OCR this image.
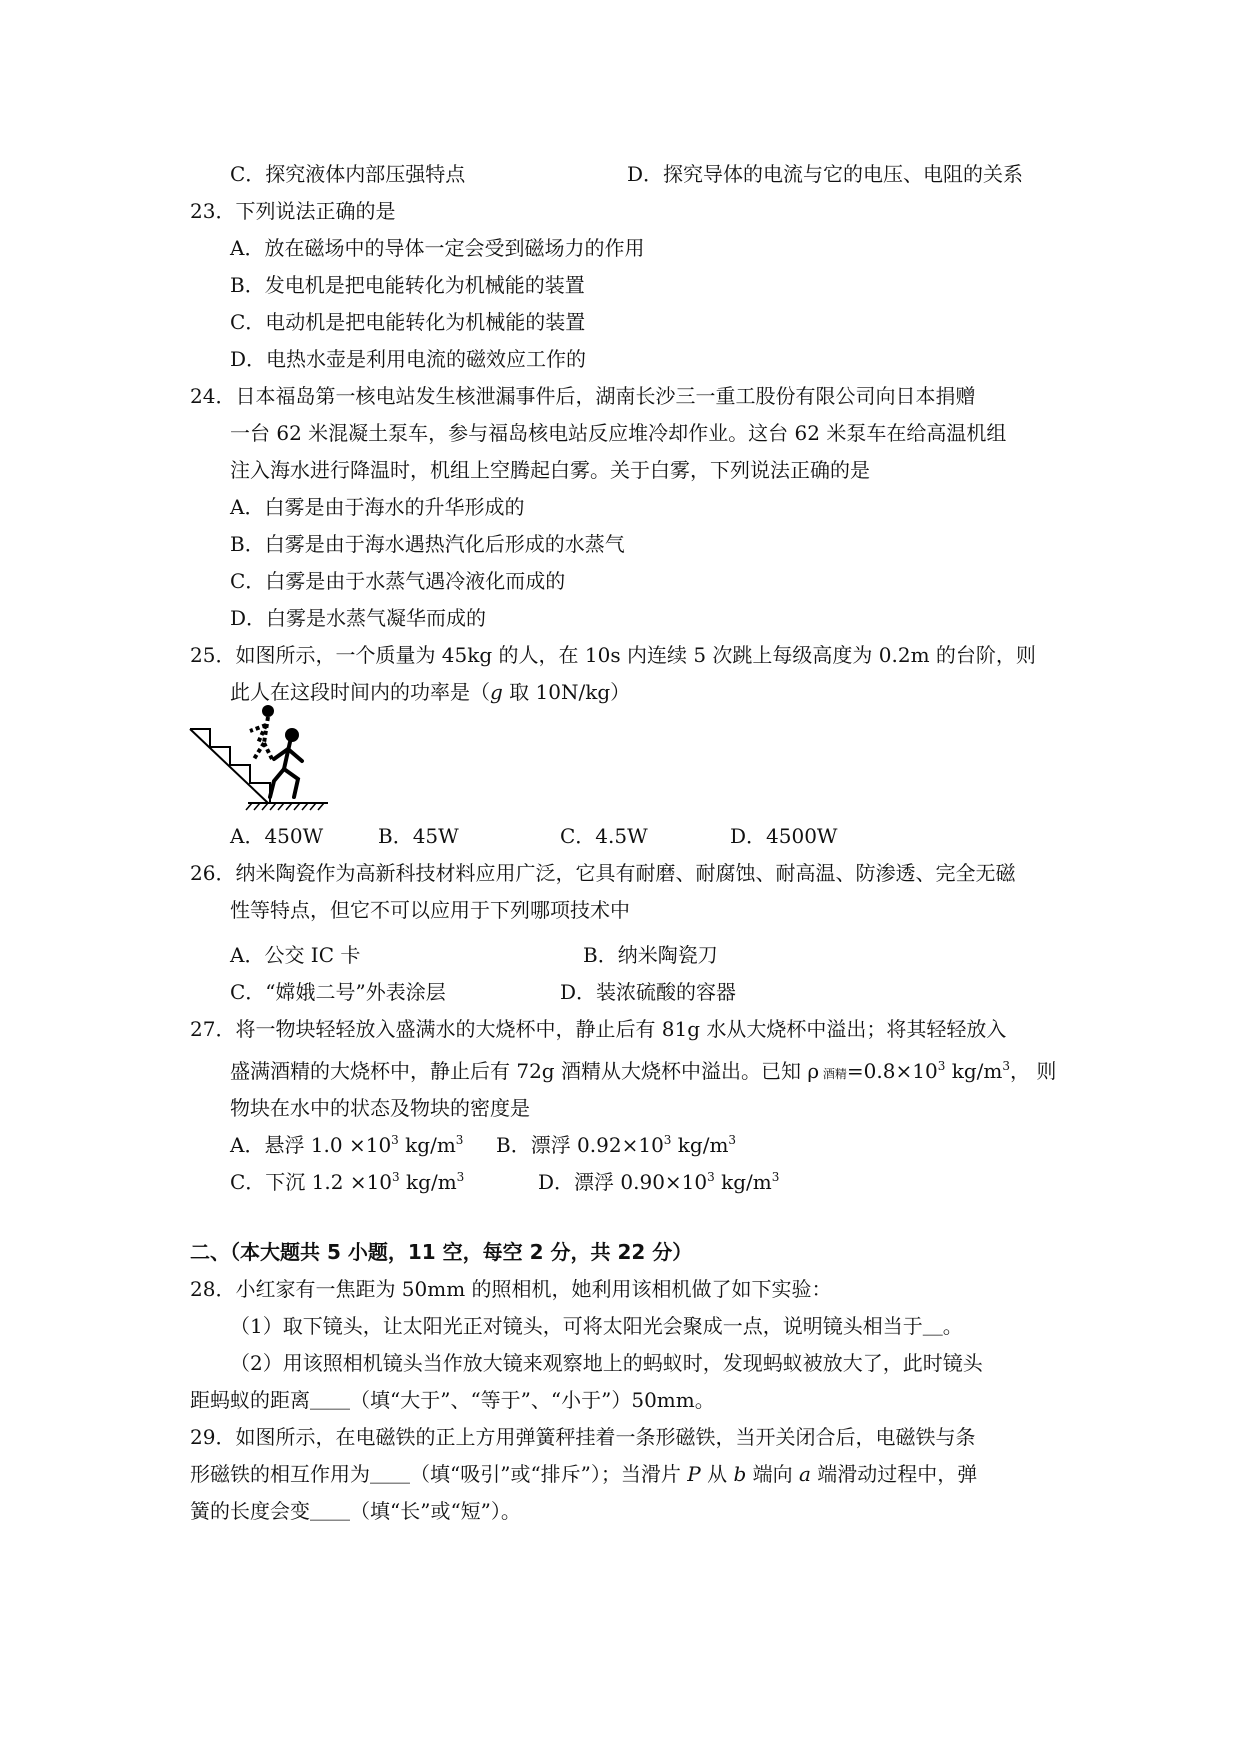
C．探究液体内部压强特点	D．探究导体的电流与它的电压、电阻的关系
23．下列说法正确的是
A．放在磁场中的导体一定会受到磁场力的作用
B．发电机是把电能转化为机械能的装置
C．电动机是把电能转化为机械能的装置
D．电热水壶是利用电流的磁效应工作的
24．日本福岛第一核电站发生核泄漏事件后，湖南长沙三一重工股份有限公司向日本捐赠
一台 62 米混凝土泵车，参与福岛核电站反应堆冷却作业。这台 62 米泵车在给高温机组
注入海水进行降温时，机组上空腾起白雾。关于白雾，下列说法正确的是
A．白雾是由于海水的升华形成的
B．白雾是由于海水遇热汽化后形成的水蒸气
C．白雾是由于水蒸气遇冷液化而成的
D．白雾是水蒸气凝华而成的
25．如图所示，一个质量为 45kg 的人，在 10s 内连续 5 次跳上每级高度为 0.2m 的台阶，则
此人在这段时间内的功率是（g 取 10N/kg）
A．450W	B．45W	C．4.5W	D．4500W
26．纳米陶瓷作为高新科技材料应用广泛，它具有耐磨、耐腐蚀、耐高温、防渗透、完全无磁
性等特点，但它不可以应用于下列哪项技术中
A．公交 IC 卡	B．纳米陶瓷刀
C．“嫦娥二号”外表涂层	D．装浓硫酸的容器
27．将一物块轻轻放入盛满水的大烧杯中，静止后有 81g 水从大烧杯中溢出；将其轻轻放入
盛满酒精的大烧杯中，静止后有 72g 酒精从大烧杯中溢出。已知 ρ 酒精$=0.8\times 10^3$ $kg/m^3$， 则
物块在水中的状态及物块的密度是
A．悬浮 $1.0 \times 10^3$ $kg/m^3$ B．漂浮 $0.92\times 10^3$ $kg/m^3$
C．下沉 $1.2 \times 10^3$ $kg/m^3$	D．漂浮 $0.90\times 10^3$ $kg/m^3$
二、（本大题共 5 小题，11 空，每空 2 分，共 22 分）
28．小红家有一焦距为 50mm 的照相机，她利用该相机做了如下实验：
（1）取下镜头，让太阳光正对镜头，可将太阳光会聚成一点，说明镜头相当于＿。
（2）用该照相机镜头当作放大镜来观察地上的蚂蚁时，发现蚂蚁被放大了，此时镜头
距蚂蚁的距离＿＿（填“大于”、“等于”、“小于”）50mm。
29．如图所示，在电磁铁的正上方用弹簧秤挂着一条形磁铁，当开关闭合后，电磁铁与条
形磁铁的相互作用为＿＿（填“吸引”或“排斥”）；当滑片 P 从 b 端向 a 端滑动过程中，弹
簧的长度会变＿＿（填“长”或“短”）。
